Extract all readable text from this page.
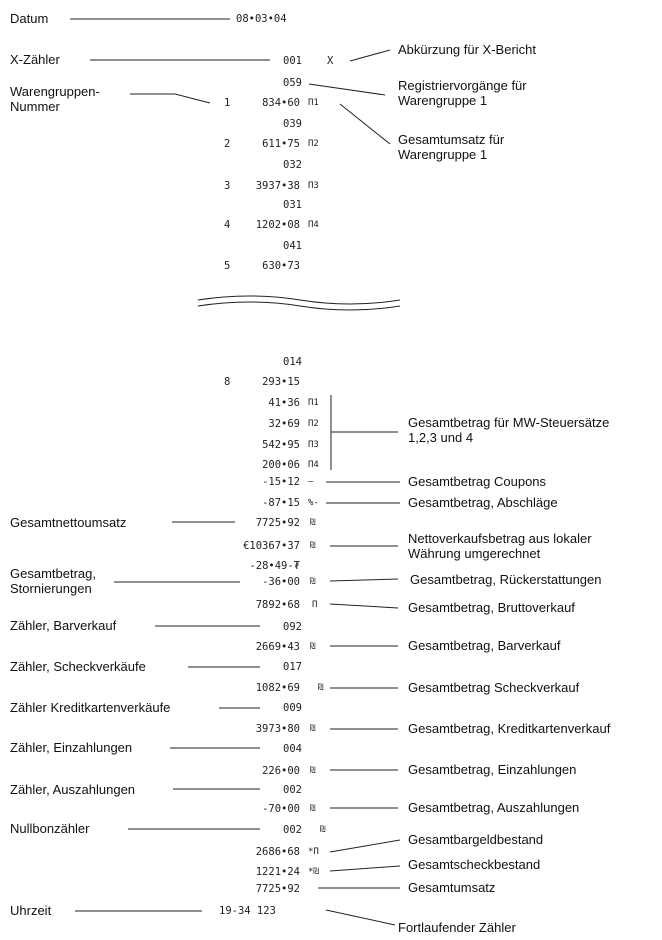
Datum	08•03•04
X-Zähler	001 X
Abkürzung für X-Bericht
Registriervorgänge für
Warengruppe 1
Gesamtumsatz für
Warengruppe 1
Warengruppen-
Nummer
059
1	834•60 Π1
039
2	611•75 Π2
032
3	3937•38 Π3
031
4	1202•08 Π4
041
5	630•73
014
8	293•15
41•36 Π1
32•69 Π2
542•95 Π3
200•06 Π4
Gesamtbetrag für MW-Steuersätze
1,2,3 und 4
-15•12 –	Gesamtbetrag Coupons
-87•15 %-	Gesamtbetrag, Abschläge
Gesamtnettoumsatz	7725•92 ₪
€10367•37 ₪	Nettoverkaufsbetrag aus lokaler
Währung umgerechnet
-28•49-₮
Gesamtbetrag,
Stornierungen	-36•00 ₪	Gesamtbetrag, Rückerstattungen
7892•68 Π	Gesamtbetrag, Bruttoverkauf
Zähler, Barverkauf	092
2669•43 ₪	Gesamtbetrag, Barverkauf
Zähler, Scheckverkäufe	017
1082•69 ₪	Gesamtbetrag Scheckverkauf
Zähler Kreditkartenverkäufe	009
3973•80 ₪	Gesamtbetrag, Kreditkartenverkauf
Zähler, Einzahlungen	004
226•00 ₪	Gesamtbetrag, Einzahlungen
Zähler, Auszahlungen	002
-70•00 ₪	Gesamtbetrag, Auszahlungen
Nullbonzähler	002 ₪
2686•68 *Π
Gesamtbargeldbestand
1221•24 *₪	Gesamtscheckbestand
7725•92	Gesamtumsatz
Uhrzeit	19-34 123
Fortlaufender Zähler
